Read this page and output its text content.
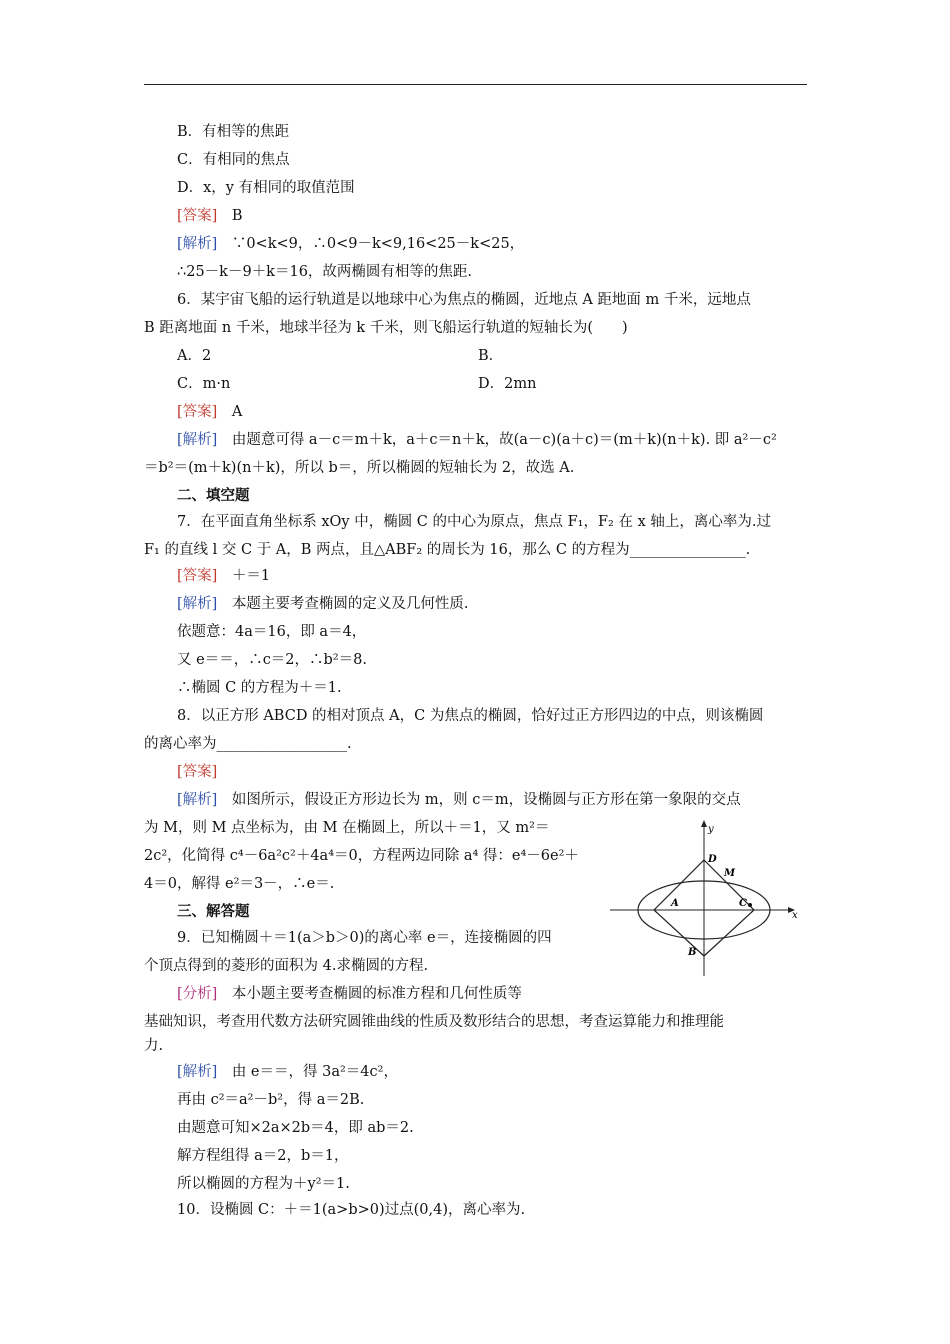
B．有相等的焦距
C．有相同的焦点
D．x，y 有相同的取值范围
[答案]　B
[解析]　∵0<k<9，∴0<9－k<9,16<25－k<25，
∴25－k－9＋k＝16，故两椭圆有相等的焦距.
6．某宇宙飞船的运行轨道是以地球中心为焦点的椭圆，近地点 A 距地面 m 千米，远地点
B 距离地面 n 千米，地球半径为 k 千米，则飞船运行轨道的短轴长为(　　)
A．2	B．
C．m·n	D．2mn
[答案]　A
[解析]　由题意可得 a－c＝m＋k，a＋c＝n＋k，故(a－c)(a＋c)＝(m＋k)(n＋k). 即 a²－c²
＝b²＝(m＋k)(n＋k)，所以 b＝，所以椭圆的短轴长为 2，故选 A.
二、填空题
7．在平面直角坐标系 xOy 中，椭圆 C 的中心为原点，焦点 F₁，F₂ 在 x 轴上，离心率为.过
F₁ 的直线 l 交 C 于 A，B 两点，且△ABF₂ 的周长为 16，那么 C 的方程为________________.
[答案]　＋＝1
[解析]　本题主要考查椭圆的定义及几何性质.
依题意：4a＝16，即 a＝4，
又 e＝＝，∴c＝2，∴b²＝8.
∴椭圆 C 的方程为＋＝1.
8．以正方形 ABCD 的相对顶点 A，C 为焦点的椭圆，恰好过正方形四边的中点，则该椭圆
的离心率为__________________.
[答案]
[解析]　如图所示，假设正方形边长为 m，则 c＝m，设椭圆与正方形在第一象限的交点
为 M，则 M 点坐标为，由 M 在椭圆上，所以＋＝1，又 m²＝
2c²，化简得 c⁴－6a²c²＋4a⁴＝0，方程两边同除 a⁴ 得：e⁴－6e²＋
4＝0，解得 e²＝3－，∴e＝.
三、解答题
9．已知椭圆＋＝1(a＞b＞0)的离心率 e＝，连接椭圆的四
个顶点得到的菱形的面积为 4.求椭圆的方程.
[分析]　本小题主要考查椭圆的标准方程和几何性质等
基础知识，考查用代数方法研究圆锥曲线的性质及数形结合的思想，考查运算能力和推理能
力.
[解析]　由 e＝＝，得 3a²＝4c²，
再由 c²＝a²－b²，得 a＝2B.
由题意可知×2a×2b＝4，即 ab＝2.
解方程组得 a＝2，b＝1，
所以椭圆的方程为＋y²＝1.
10．设椭圆 C：＋＝1(a>b>0)过点(0,4)，离心率为.
y
x
D
M
A	C
B
